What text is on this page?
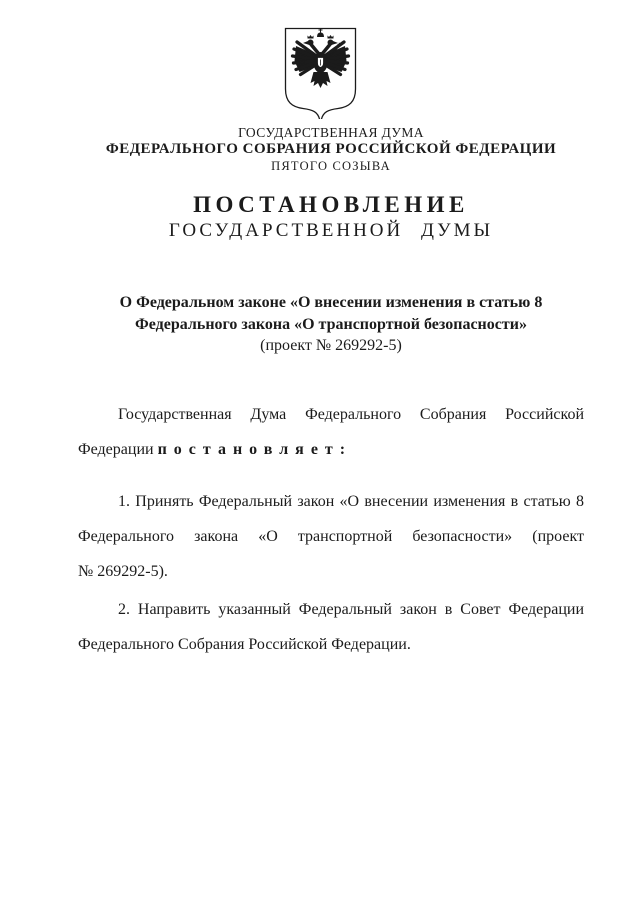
ГОСУДАРСТВЕННАЯ ДУМА
ФЕДЕРАЛЬНОГО СОБРАНИЯ РОССИЙСКОЙ ФЕДЕРАЦИИ
ПЯТОГО СОЗЫВА
ПОСТАНОВЛЕНИЕ
ГОСУДАРСТВЕННОЙ ДУМЫ
О Федеральном законе «О внесении изменения в статью 8
Федерального закона «О транспортной безопасности»
(проект № 269292-5)
Государственная Дума Федерального Собрания Российской
Федерации постановляет:
1. Принять Федеральный закон «О внесении изменения в статью 8
Федерального закона «О транспортной безопасности» (проект
№ 269292-5).
2. Направить указанный Федеральный закон в Совет Федерации
Федерального Собрания Российской Федерации.
